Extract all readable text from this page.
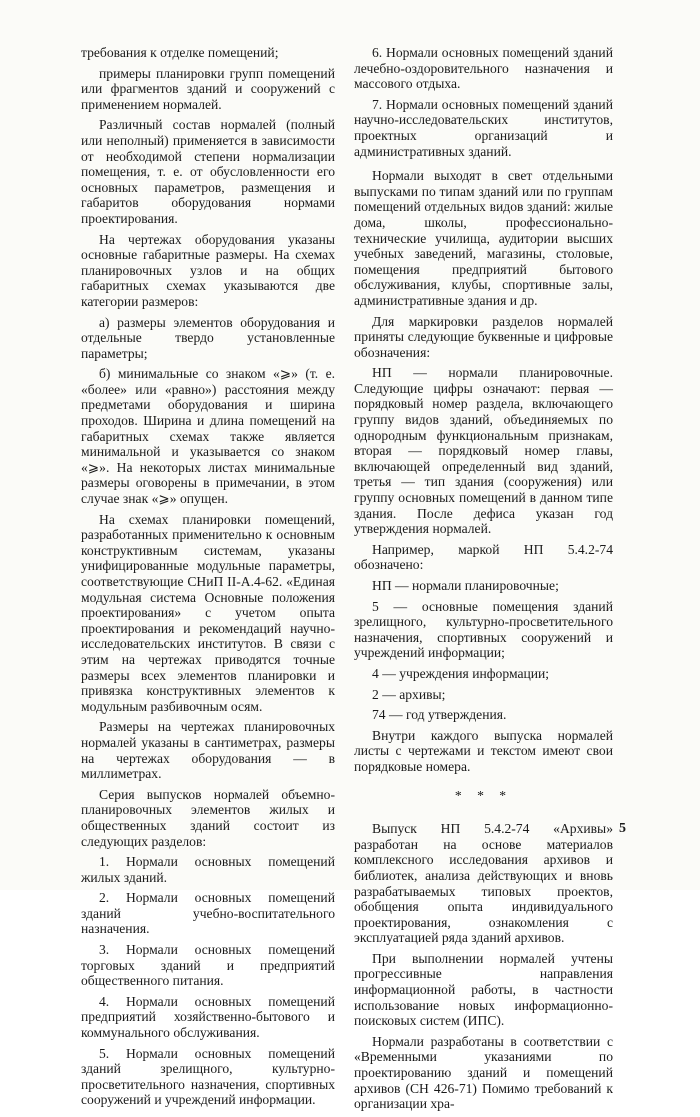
требования к отделке помещений;

примеры планировки групп помещений или фрагментов зданий и сооружений с применением нормалей.

Различный состав нормалей (полный или неполный) применяется в зависимости от необходимой степени нормализации помещения, т. е. от обусловленности его основных параметров, размещения и габаритов оборудования нормами проектирования.

На чертежах оборудования указаны основные габаритные размеры. На схемах планировочных узлов и на общих габаритных схемах указываются две категории размеров:

а) размеры элементов оборудования и отдельные твердо установленные параметры;

б) минимальные со знаком «⩾» (т. е. «более» или «равно») расстояния между предметами оборудования и ширина проходов. Ширина и длина помещений на габаритных схемах также является минимальной и указывается со знаком «⩾». На некоторых листах минимальные размеры оговорены в примечании, в этом случае знак «⩾» опущен.

На схемах планировки помещений, разработанных применительно к основным конструктивным системам, указаны унифицированные модульные параметры, соответствующие СНиП II-А.4-62. «Единая модульная система Основные положения проектирования» с учетом опыта проектирования и рекомендаций научно-исследовательских институтов. В связи с этим на чертежах приводятся точные размеры всех элементов планировки и привязка конструктивных элементов к модульным разбивочным осям.

Размеры на чертежах планировочных нормалей указаны в сантиметрах, размеры на чертежах оборудования — в миллиметрах.

Серия выпусков нормалей объемно-планировочных элементов жилых и общественных зданий состоит из следующих разделов:

1. Нормали основных помещений жилых зданий.

2. Нормали основных помещений зданий учебно-воспитательного назначения.

3. Нормали основных помещений торговых зданий и предприятий общественного питания.

4. Нормали основных помещений предприятий хозяйственно-бытового и коммунального обслуживания.

5. Нормали основных помещений зданий зрелищного, культурно-просветительного назначения, спортивных сооружений и учреждений информации.

6. Нормали основных помещений зданий лечебно-оздоровительного назначения и массового отдыха.

7. Нормали основных помещений зданий научно-исследовательских институтов, проектных организаций и административных зданий.

Нормали выходят в свет отдельными выпусками по типам зданий или по группам помещений отдельных видов зданий: жилые дома, школы, профессионально-технические училища, аудитории высших учебных заведений, магазины, столовые, помещения предприятий бытового обслуживания, клубы, спортивные залы, административные здания и др.

Для маркировки разделов нормалей приняты следующие буквенные и цифровые обозначения:

НП — нормали планировочные. Следующие цифры означают: первая — порядковый номер раздела, включающего группу видов зданий, объединяемых по однородным функциональным признакам, вторая — порядковый номер главы, включающей определенный вид зданий, третья — тип здания (сооружения) или группу основных помещений в данном типе здания. После дефиса указан год утверждения нормалей.

Например, маркой НП 5.4.2-74 обозначено:

НП — нормали планировочные;

5 — основные помещения зданий зрелищного, культурно-просветительного назначения, спортивных сооружений и учреждений информации;

4 — учреждения информации;

2 — архивы;

74 — год утверждения.

Внутри каждого выпуска нормалей листы с чертежами и текстом имеют свои порядковые номера.

* * *

Выпуск НП 5.4.2-74 «Архивы» разработан на основе материалов комплексного исследования архивов и библиотек, анализа действующих и вновь разрабатываемых типовых проектов, обобщения опыта индивидуального проектирования, ознакомления с эксплуатацией ряда зданий архивов.

При выполнении нормалей учтены прогрессивные направления информационной работы, в частности использование новых информационно-поисковых систем (ИПС).

Нормали разработаны в соответствии с «Временными указаниями по проектированию зданий и помещений архивов (СН 426-71) Помимо требований к организации хра-

5
